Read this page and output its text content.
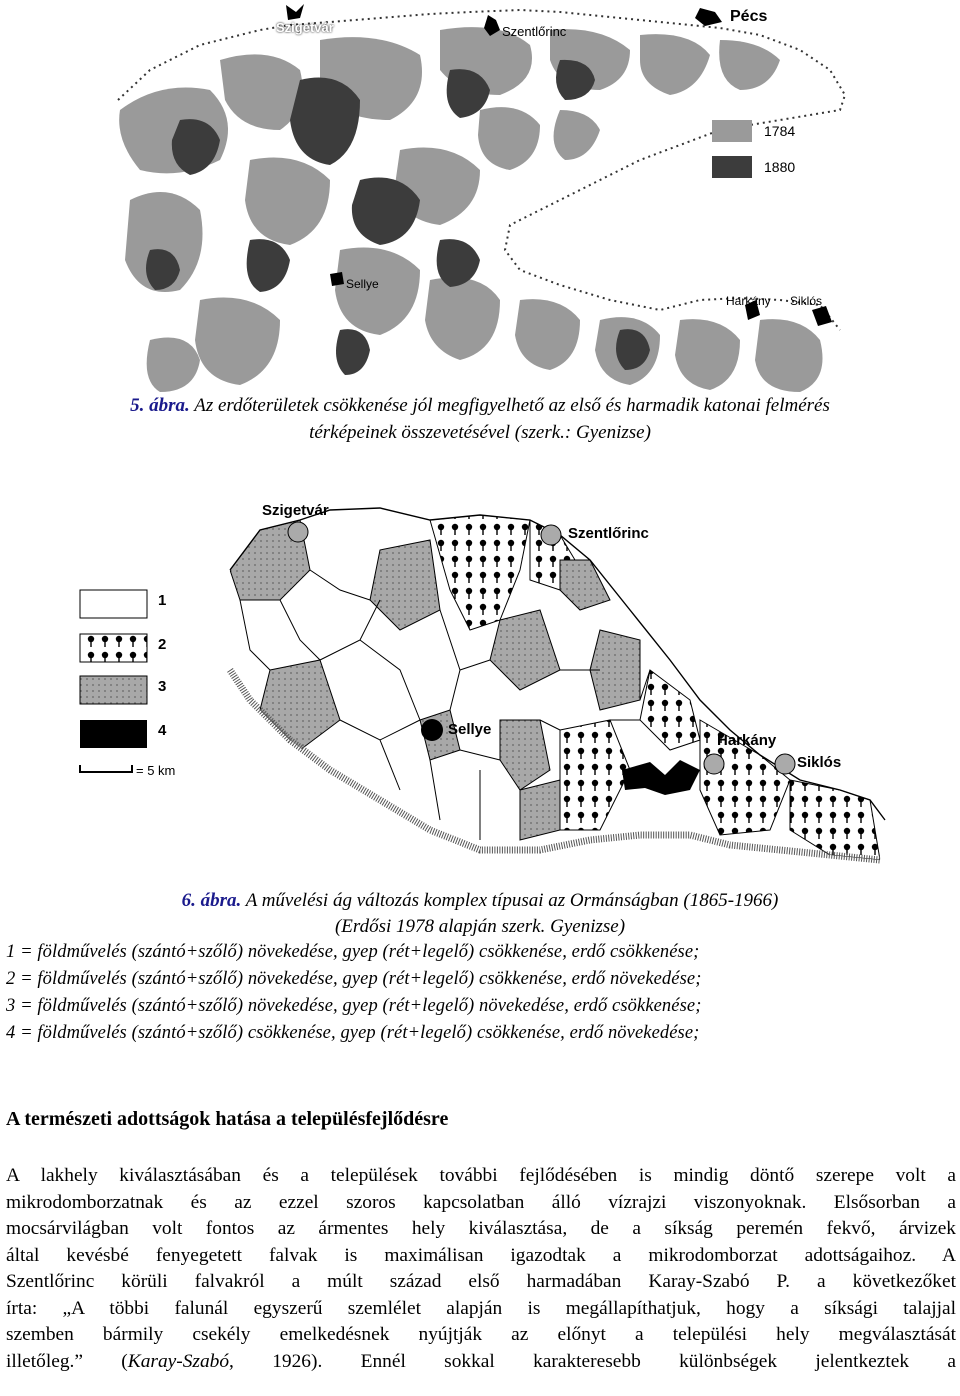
Szigetvár	Szentlőrinc
Pécs
Sellye
Harkány Siklós
1784
1880
5. ábra. Az erdőterületek csökkenése jól megfigyelhető az első és harmadik katonai felmérés
térképeinek összevetésével (szerk.: Gyenizse)
Szigetvár
Szentlőrinc
Sellye
Harkány
Siklós
1
2
3
4
= 5 km
6. ábra. A művelési ág változás komplex típusai az Ormánságban (1865-1966)
(Erdősi 1978 alapján szerk. Gyenizse)
1 = földművelés (szántó+szőlő) növekedése, gyep (rét+legelő) csökkenése, erdő csökkenése;
2 = földművelés (szántó+szőlő) növekedése, gyep (rét+legelő) csökkenése, erdő növekedése;
3 = földművelés (szántó+szőlő) növekedése, gyep (rét+legelő) növekedése, erdő csökkenése;
4 = földművelés (szántó+szőlő) csökkenése, gyep (rét+legelő) csökkenése, erdő növekedése;
A természeti adottságok hatása a településfejlődésre
A lakhely kiválasztásában és a települések további fejlődésében is mindig döntő szerepe volt a
mikrodomborzatnak és az ezzel szoros kapcsolatban álló vízrajzi viszonyoknak. Elsősorban a
mocsárvilágban volt fontos az ármentes hely kiválasztása, de a síkság peremén fekvő, árvizek
által kevésbé fenyegetett falvak is maximálisan igazodtak a mikrodomborzat adottságaihoz. A
Szentlőrinc körüli falvakról a múlt század első harmadában Karay-Szabó P. a következőket
írta: „A többi falunál egyszerű szemlélet alapján is megállapíthatjuk, hogy a síksági talajjal
szemben bármily csekély emelkedésnek nyújtják az előnyt a települési hely megválasztását
illetőleg.” (Karay-Szabó, 1926). Ennél sokkal karakteresebb különbségek jelentkeztek a
